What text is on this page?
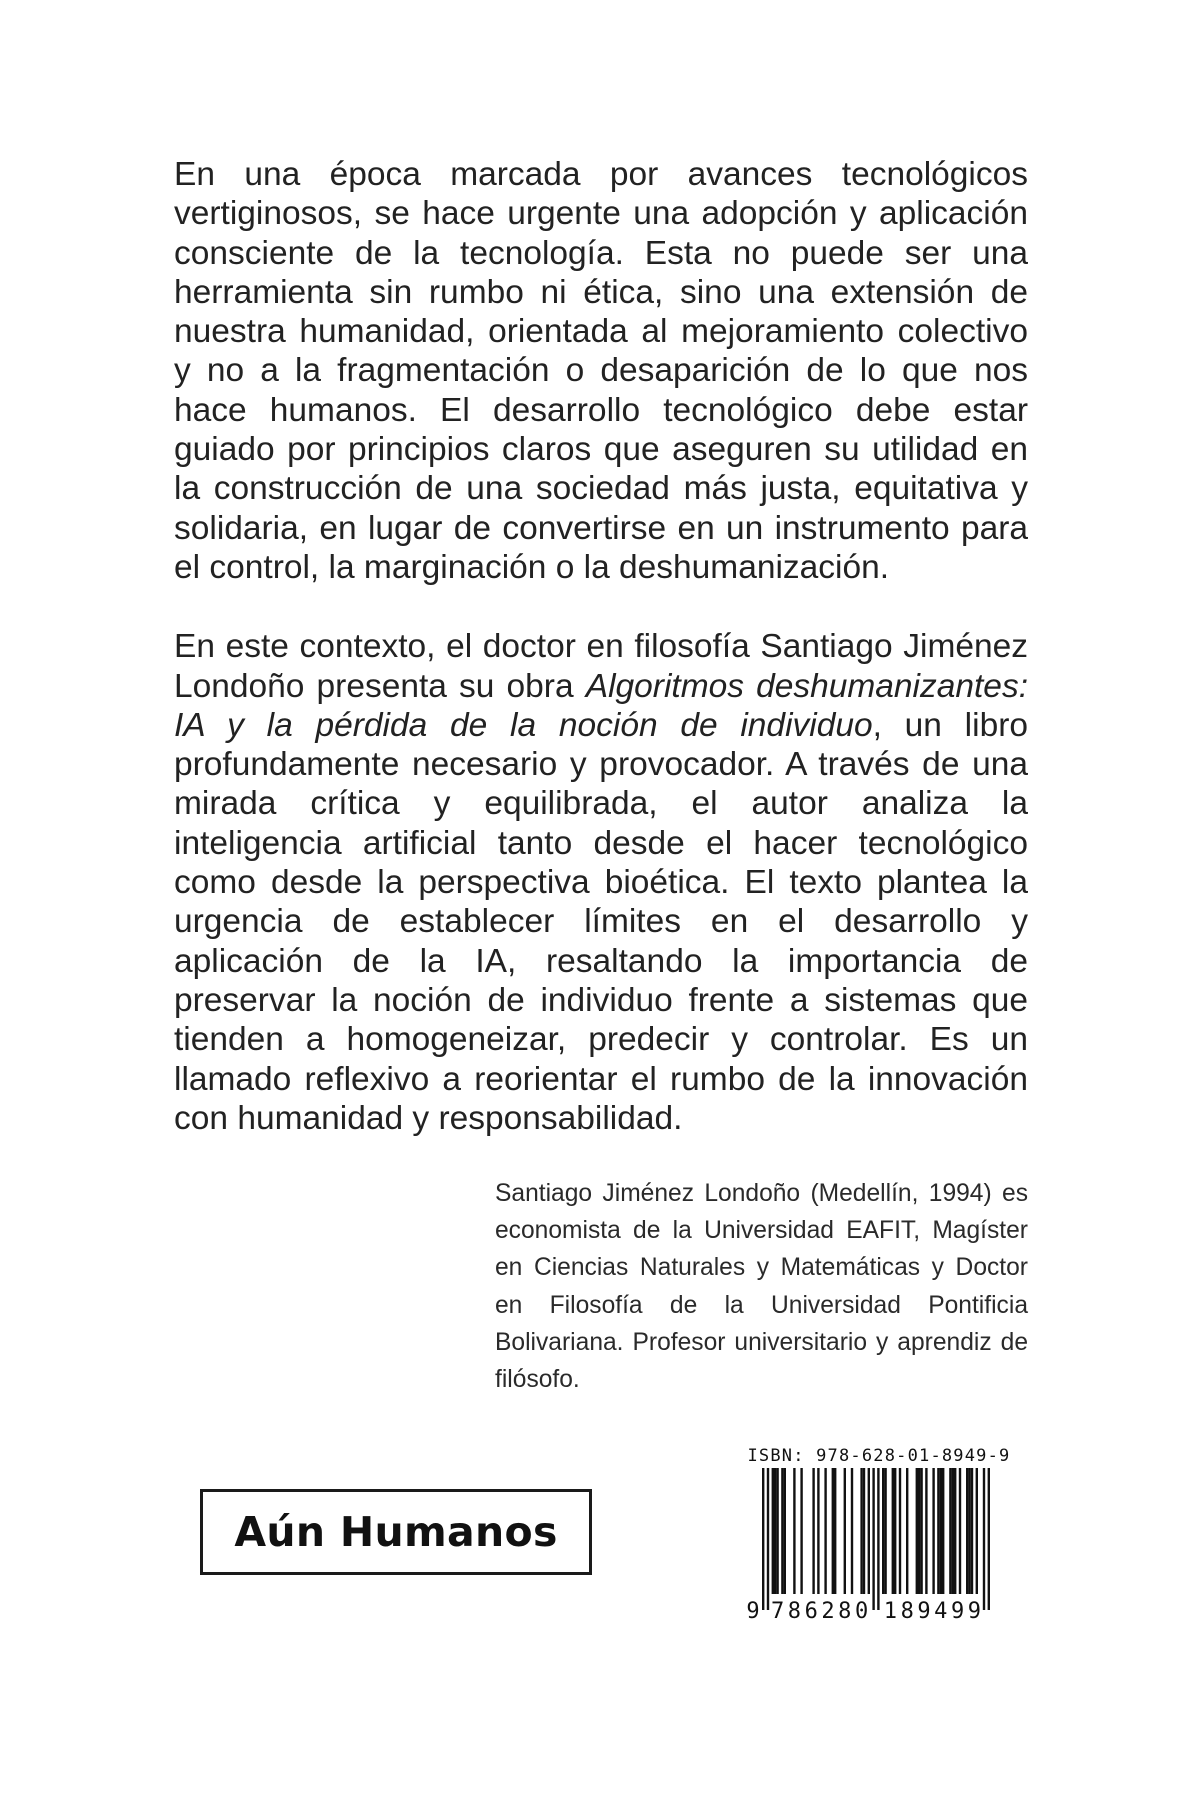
En una época marcada por avances tecnológicos vertiginosos, se hace urgente una adopción y aplicación consciente de la tecnología. Esta no puede ser una herramienta sin rumbo ni ética, sino una extensión de nuestra humanidad, orientada al mejoramiento colectivo y no a la fragmentación o desaparición de lo que nos hace humanos. El desarrollo tecnológico debe estar guiado por principios claros que aseguren su utilidad en la construcción de una sociedad más justa, equitativa y solidaria, en lugar de convertirse en un instrumento para el control, la marginación o la deshumanización.

En este contexto, el doctor en filosofía Santiago Jiménez Londoño presenta su obra Algoritmos deshumanizantes: IA y la pérdida de la noción de individuo, un libro profundamente necesario y provocador. A través de una mirada crítica y equilibrada, el autor analiza la inteligencia artificial tanto desde el hacer tecnológico como desde la perspectiva bioética. El texto plantea la urgencia de establecer límites en el desarrollo y aplicación de la IA, resaltando la importancia de preservar la noción de individuo frente a sistemas que tienden a homogeneizar, predecir y controlar. Es un llamado reflexivo a reorientar el rumbo de la innovación con humanidad y responsabilidad.

Santiago Jiménez Londoño (Medellín, 1994) es economista de la Universidad EAFIT, Magíster en Ciencias Naturales y Matemáticas y Doctor en Filosofía de la Universidad Pontificia Bolivariana. Profesor universitario y aprendiz de filósofo.

Aún Humanos
ISBN: 978-628-01-8949-9
9 7 8 6 2 8 0 1 8 9 4 9 9
